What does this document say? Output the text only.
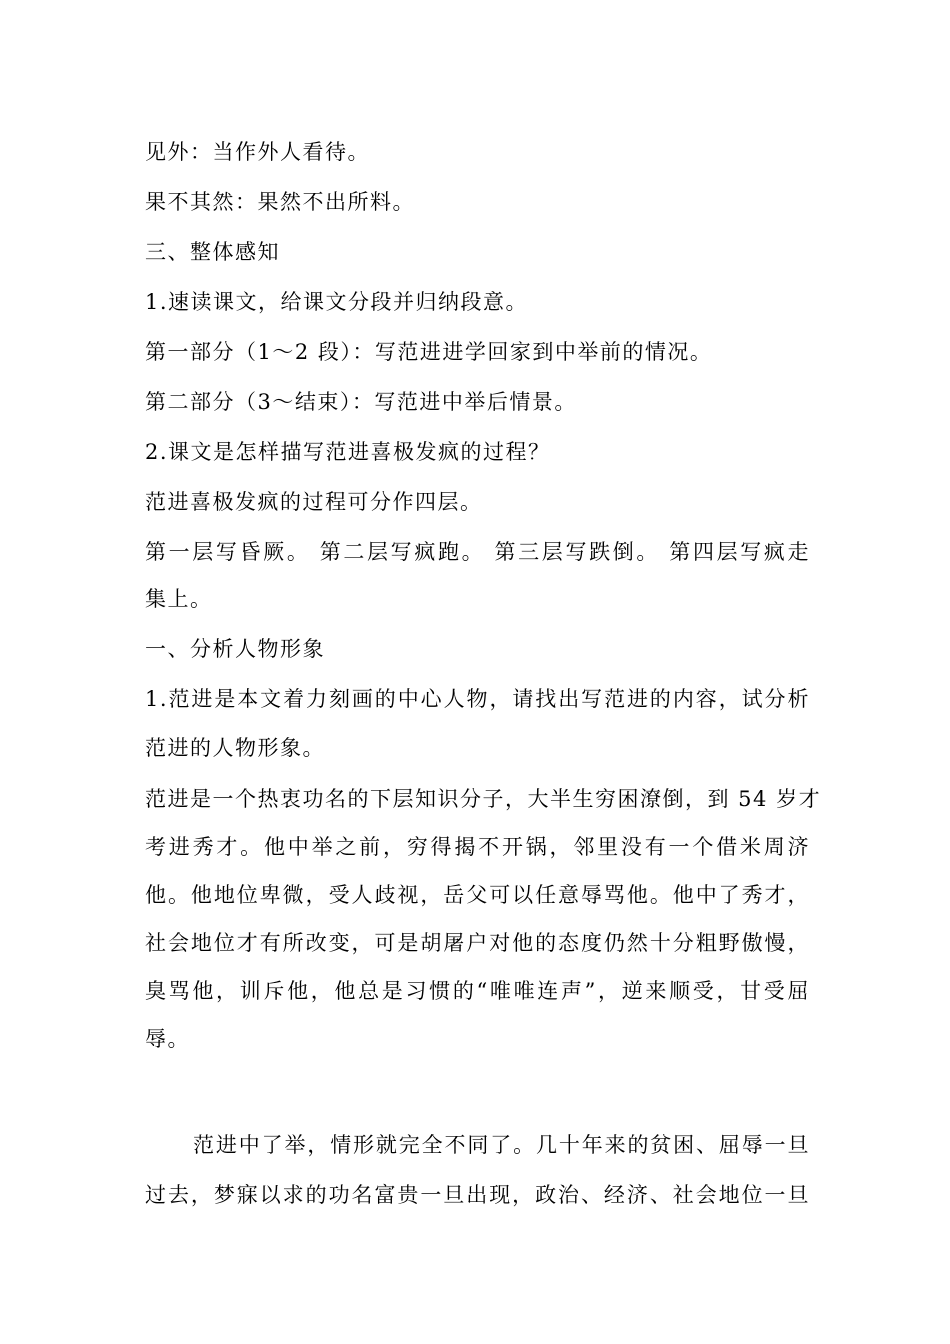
见外：当作外人看待。
果不其然：果然不出所料。
三、整体感知
1.速读课文，给课文分段并归纳段意。
第一部分（1～2 段）：写范进进学回家到中举前的情况。
第二部分（3～结束）：写范进中举后情景。
2.课文是怎样描写范进喜极发疯的过程？
范进喜极发疯的过程可分作四层。
第一层写昏厥。 第二层写疯跑。 第三层写跌倒。 第四层写疯走
集上。
一、分析人物形象
1.范进是本文着力刻画的中心人物，请找出写范进的内容，试分析
范进的人物形象。
范进是一个热衷功名的下层知识分子，大半生穷困潦倒，到 54 岁才
考进秀才。他中举之前，穷得揭不开锅，邻里没有一个借米周济
他。他地位卑微，受人歧视，岳父可以任意辱骂他。他中了秀才，
社会地位才有所改变，可是胡屠户对他的态度仍然十分粗野傲慢，
臭骂他，训斥他，他总是习惯的“唯唯连声”，逆来顺受，甘受屈
辱。
范进中了举，情形就完全不同了。几十年来的贫困、屈辱一旦
过去，梦寐以求的功名富贵一旦出现，政治、经济、社会地位一旦
